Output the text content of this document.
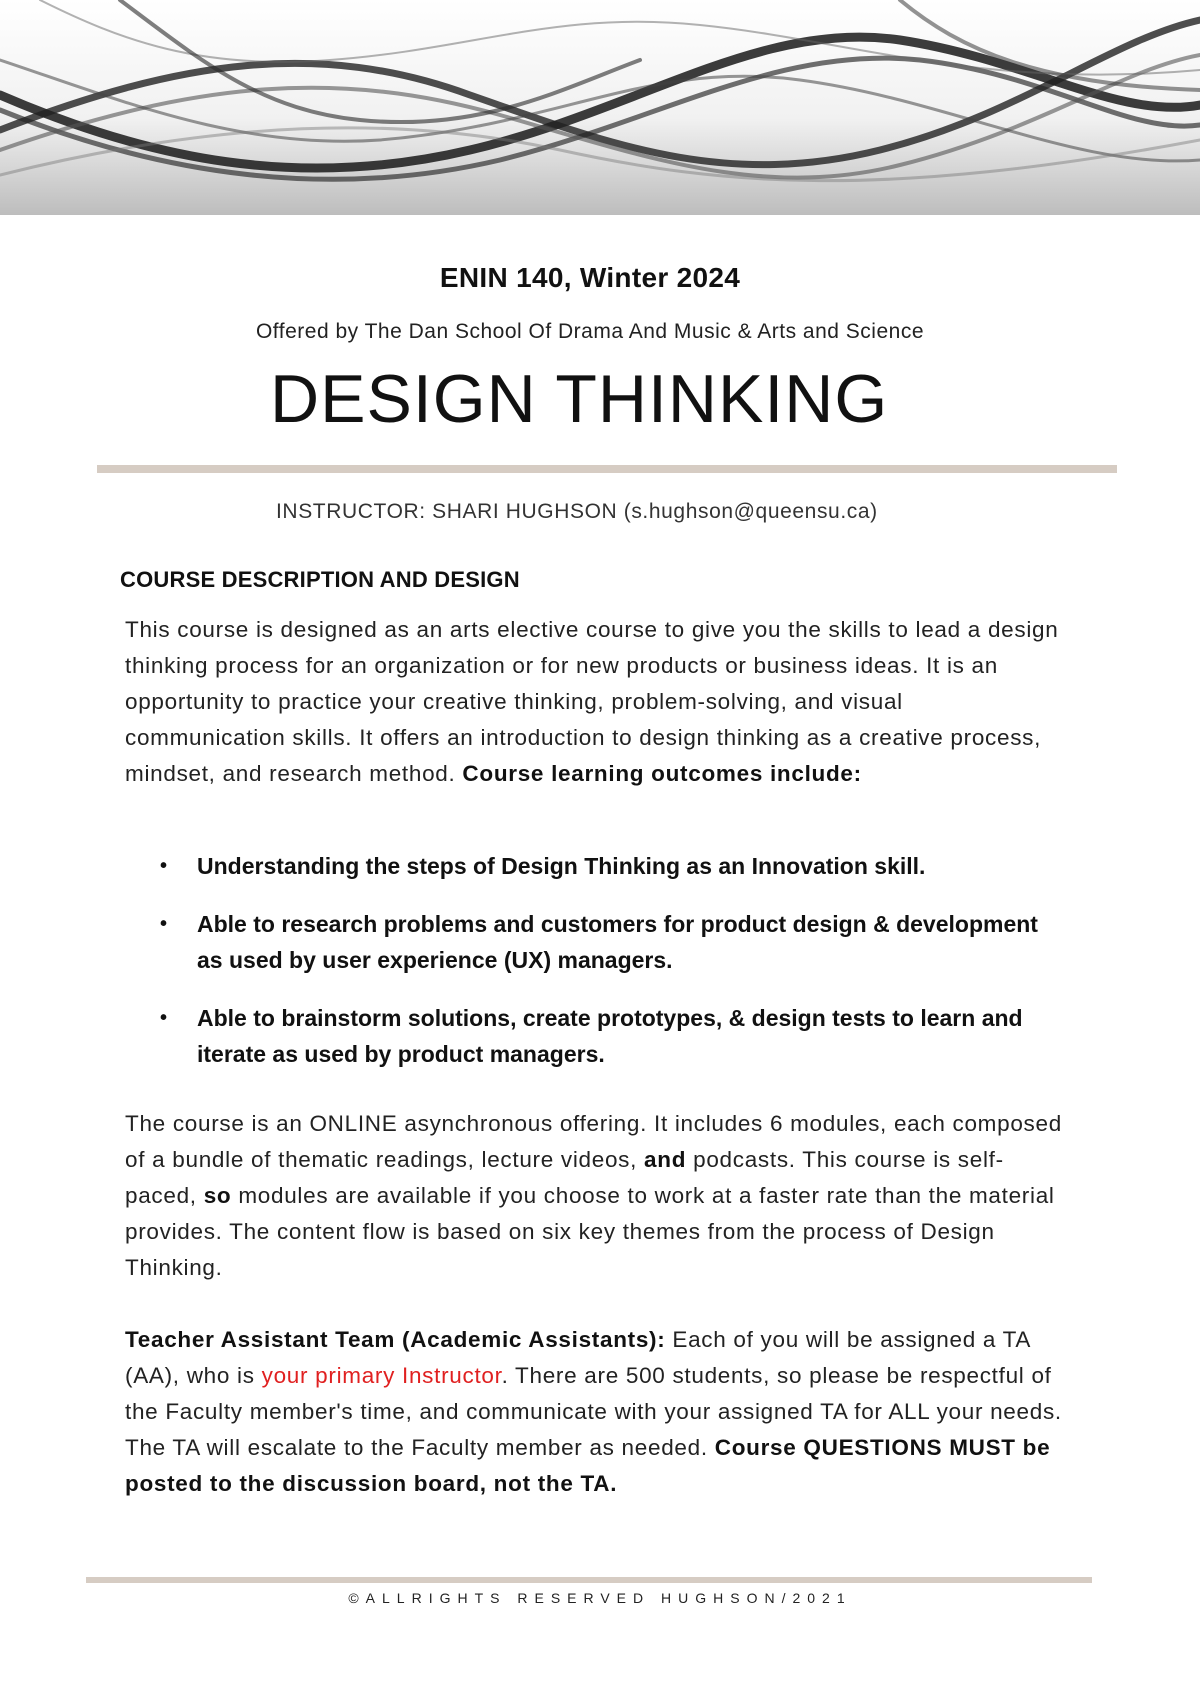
ENIN 140, Winter 2024
Offered by The Dan School Of Drama And Music & Arts and Science
DESIGN THINKING
INSTRUCTOR: SHARI HUGHSON (s.hughson@queensu.ca)
COURSE DESCRIPTION AND DESIGN
This course is designed as an arts elective course to give you the skills to lead a design thinking process for an organization or for new products or business ideas. It is an opportunity to practice your creative thinking, problem-solving, and visual communication skills. It offers an introduction to design thinking as a creative process, mindset, and research method. Course learning outcomes include:
• Understanding the steps of Design Thinking as an Innovation skill.
• Able to research problems and customers for product design & development as used by user experience (UX) managers.
• Able to brainstorm solutions, create prototypes, & design tests to learn and iterate as used by product managers.
The course is an ONLINE asynchronous offering. It includes 6 modules, each composed of a bundle of thematic readings, lecture videos, and podcasts. This course is self-paced, so modules are available if you choose to work at a faster rate than the material provides. The content flow is based on six key themes from the process of Design Thinking.
Teacher Assistant Team (Academic Assistants): Each of you will be assigned a TA (AA), who is your primary Instructor. There are 500 students, so please be respectful of the Faculty member's time, and communicate with your assigned TA for ALL your needs. The TA will escalate to the Faculty member as needed. Course QUESTIONS MUST be posted to the discussion board, not the TA.
©ALLRIGHTS RESERVED HUGHSON/2021
